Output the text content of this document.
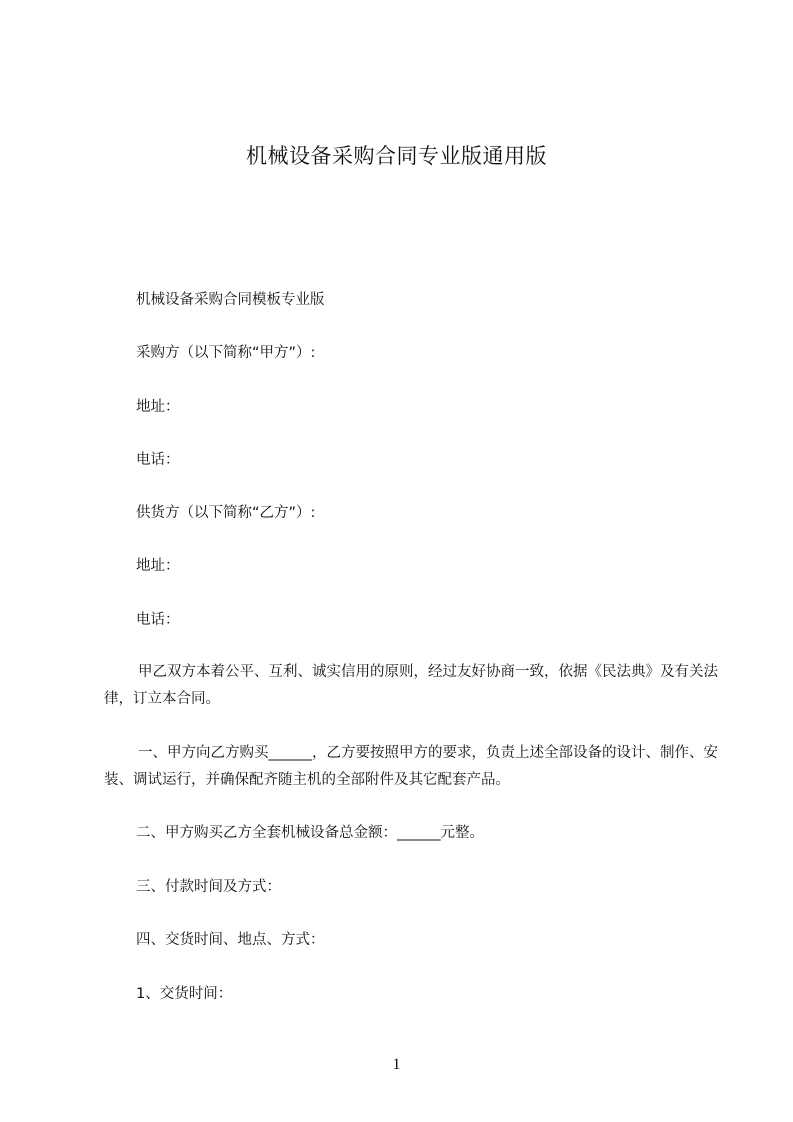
机械设备采购合同专业版通用版

机械设备采购合同模板专业版

采购方（以下简称“甲方”）:

地址：

电话：

供货方（以下简称“乙方”）:

地址：

电话：

甲乙双方本着公平、互利、诚实信用的原则，经过友好协商一致，依据《民法典》及有关法律，订立本合同。

一、甲方向乙方购买______，乙方要按照甲方的要求，负责上述全部设备的设计、制作、安装、调试运行，并确保配齐随主机的全部附件及其它配套产品。

二、甲方购买乙方全套机械设备总金额：______元整。

三、付款时间及方式：

四、交货时间、地点、方式：

1、交货时间：

1
